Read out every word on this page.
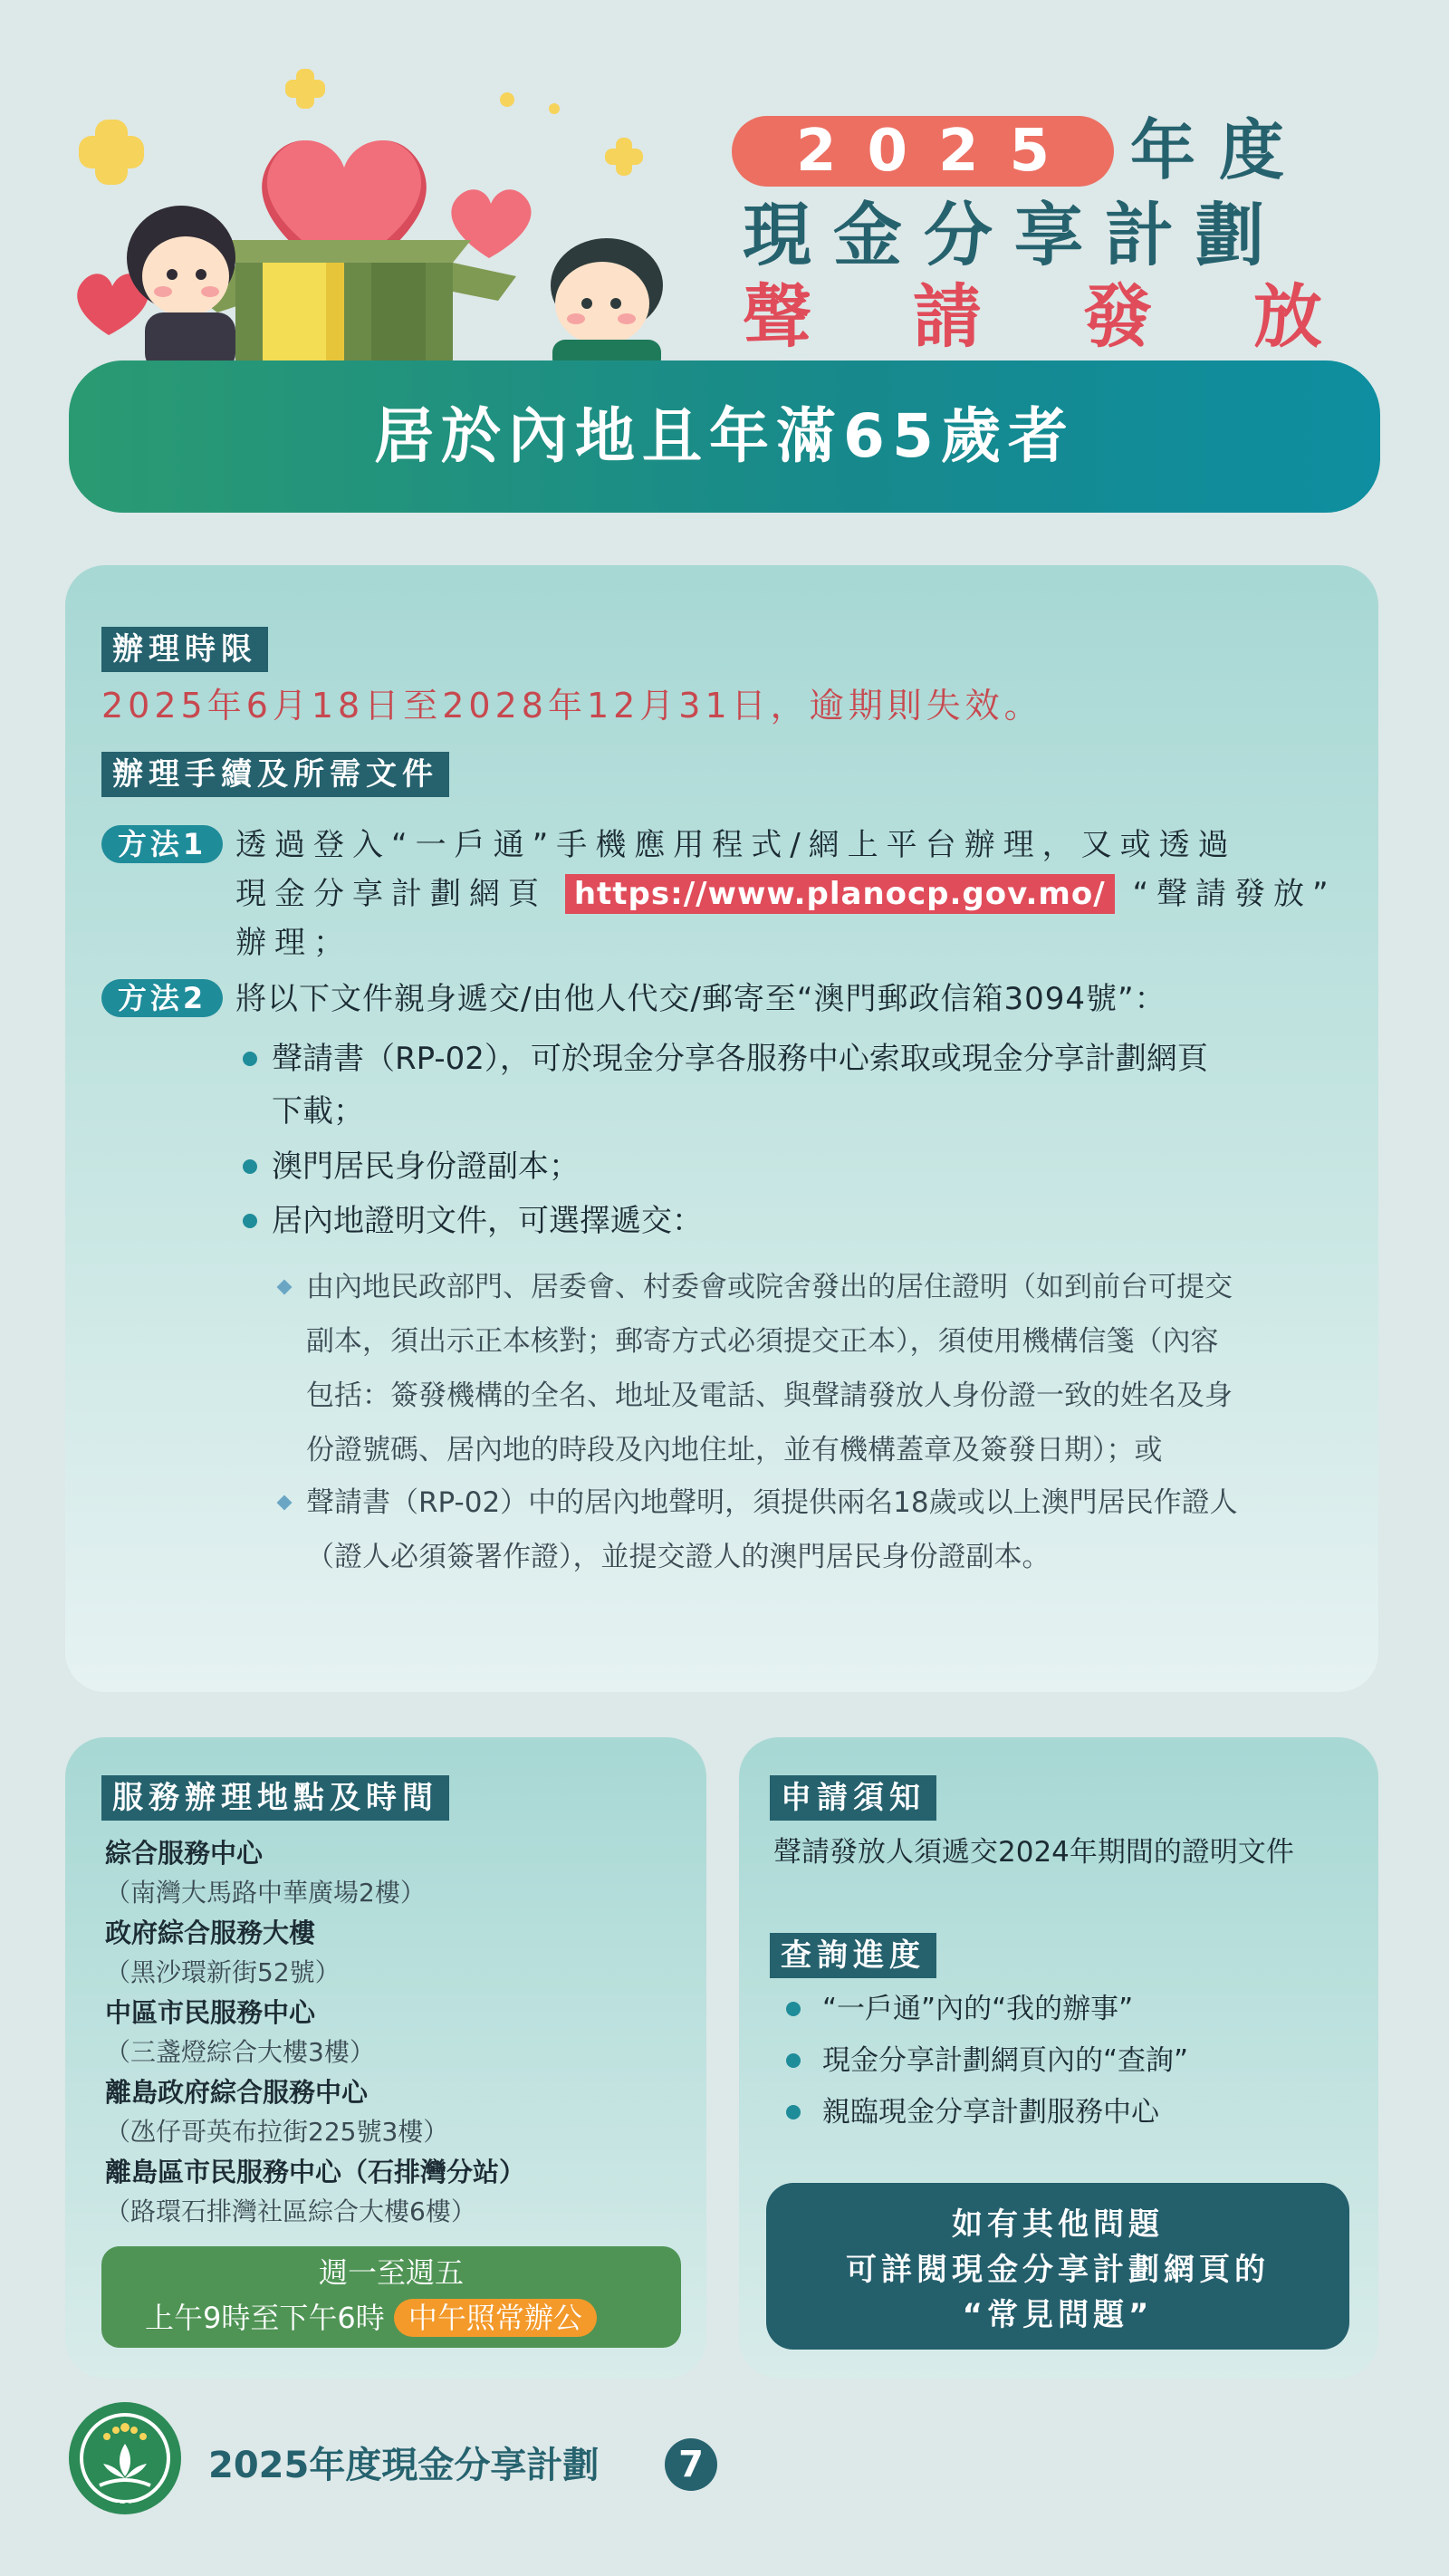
2025 年度
現金分享計劃
聲 請 發 放
居於內地且年滿65歲者
辦理時限
2025年6月18日至2028年12月31日，逾期則失效。
辦理手續及所需文件
方法1 透過登入“一戶通”手機應用程式/網上平台辦理，又或透過
現金分享計劃網頁 https://www.planocp.gov.mo/ “聲請發放”
辦理；
方法2 將以下文件親身遞交/由他人代交/郵寄至“澳門郵政信箱3094號”：
聲請書（RP-02），可於現金分享各服務中心索取或現金分享計劃網頁
下載；
澳門居民身份證副本；
居內地證明文件，可選擇遞交：
由內地民政部門、居委會、村委會或院舍發出的居住證明（如到前台可提交
副本，須出示正本核對；郵寄方式必須提交正本），須使用機構信箋（內容
包括：簽發機構的全名、地址及電話、與聲請發放人身份證一致的姓名及身
份證號碼、居內地的時段及內地住址，並有機構蓋章及簽發日期）；或
聲請書（RP-02）中的居內地聲明，須提供兩名18歲或以上澳門居民作證人
（證人必須簽署作證），並提交證人的澳門居民身份證副本。
服務辦理地點及時間
綜合服務中心
（南灣大馬路中華廣場2樓）
政府綜合服務大樓
（黑沙環新街52號）
中區市民服務中心
（三盞燈綜合大樓3樓）
離島政府綜合服務中心
（氹仔哥英布拉街225號3樓）
離島區市民服務中心（石排灣分站）
（路環石排灣社區綜合大樓6樓）
週一至週五
上午9時至下午6時 中午照常辦公
申請須知
聲請發放人須遞交2024年期間的證明文件
查詢進度
“一戶通”內的“我的辦事”
現金分享計劃網頁內的“查詢”
親臨現金分享計劃服務中心
如有其他問題
可詳閱現金分享計劃網頁的
“常見問題”
MACAU
2025年度現金分享計劃	7
